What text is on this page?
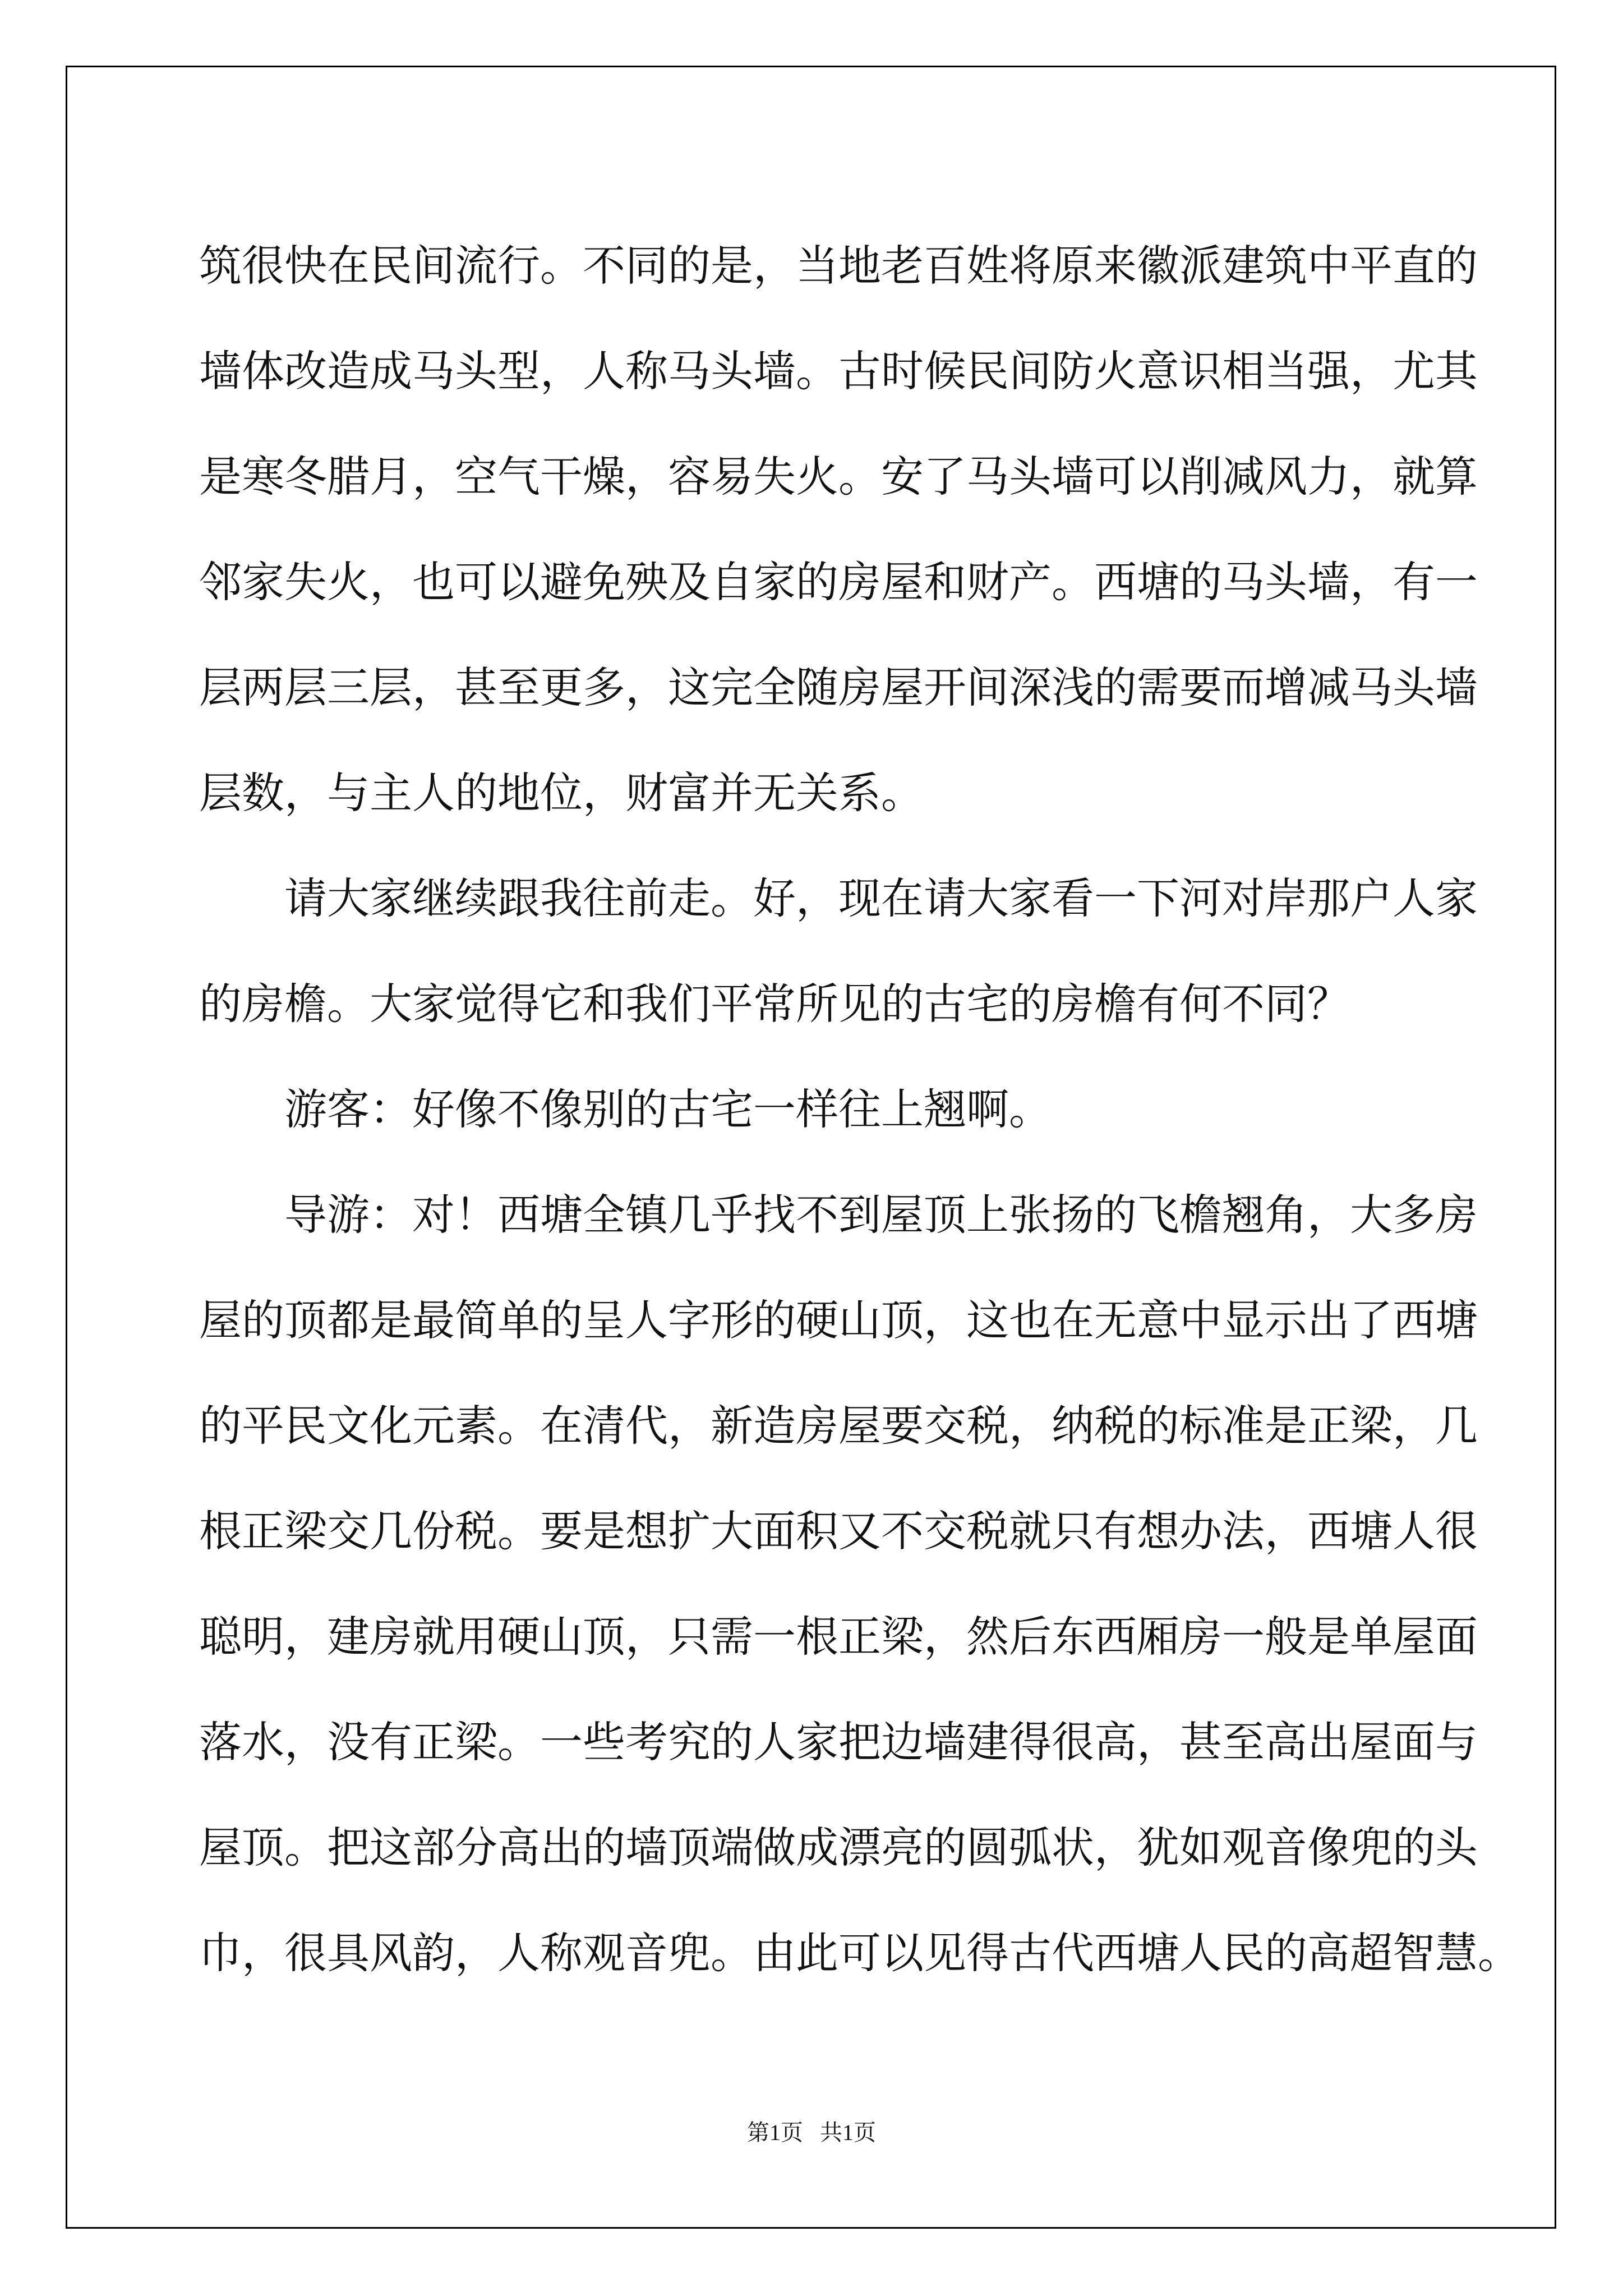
筑很快在民间流行。不同的是，当地老百姓将原来徽派建筑中平直的
墙体改造成马头型，人称马头墙。古时候民间防火意识相当强，尤其
是寒冬腊月，空气干燥，容易失火。安了马头墙可以削减风力，就算
邻家失火，也可以避免殃及自家的房屋和财产。西塘的马头墙，有一
层两层三层，甚至更多，这完全随房屋开间深浅的需要而增减马头墙
层数，与主人的地位，财富并无关系。
请大家继续跟我往前走。好，现在请大家看一下河对岸那户人家
的房檐。大家觉得它和我们平常所见的古宅的房檐有何不同？
游客：好像不像别的古宅一样往上翘啊。
导游：对！西塘全镇几乎找不到屋顶上张扬的飞檐翘角，大多房
屋的顶都是最简单的呈人字形的硬山顶，这也在无意中显示出了西塘
的平民文化元素。在清代，新造房屋要交税，纳税的标准是正梁，几
根正梁交几份税。要是想扩大面积又不交税就只有想办法，西塘人很
聪明，建房就用硬山顶，只需一根正梁，然后东西厢房一般是单屋面
落水，没有正梁。一些考究的人家把边墙建得很高，甚至高出屋面与
屋顶。把这部分高出的墙顶端做成漂亮的圆弧状，犹如观音像兜的头
巾，很具风韵，人称观音兜。由此可以见得古代西塘人民的高超智慧。
第1页   共1页
